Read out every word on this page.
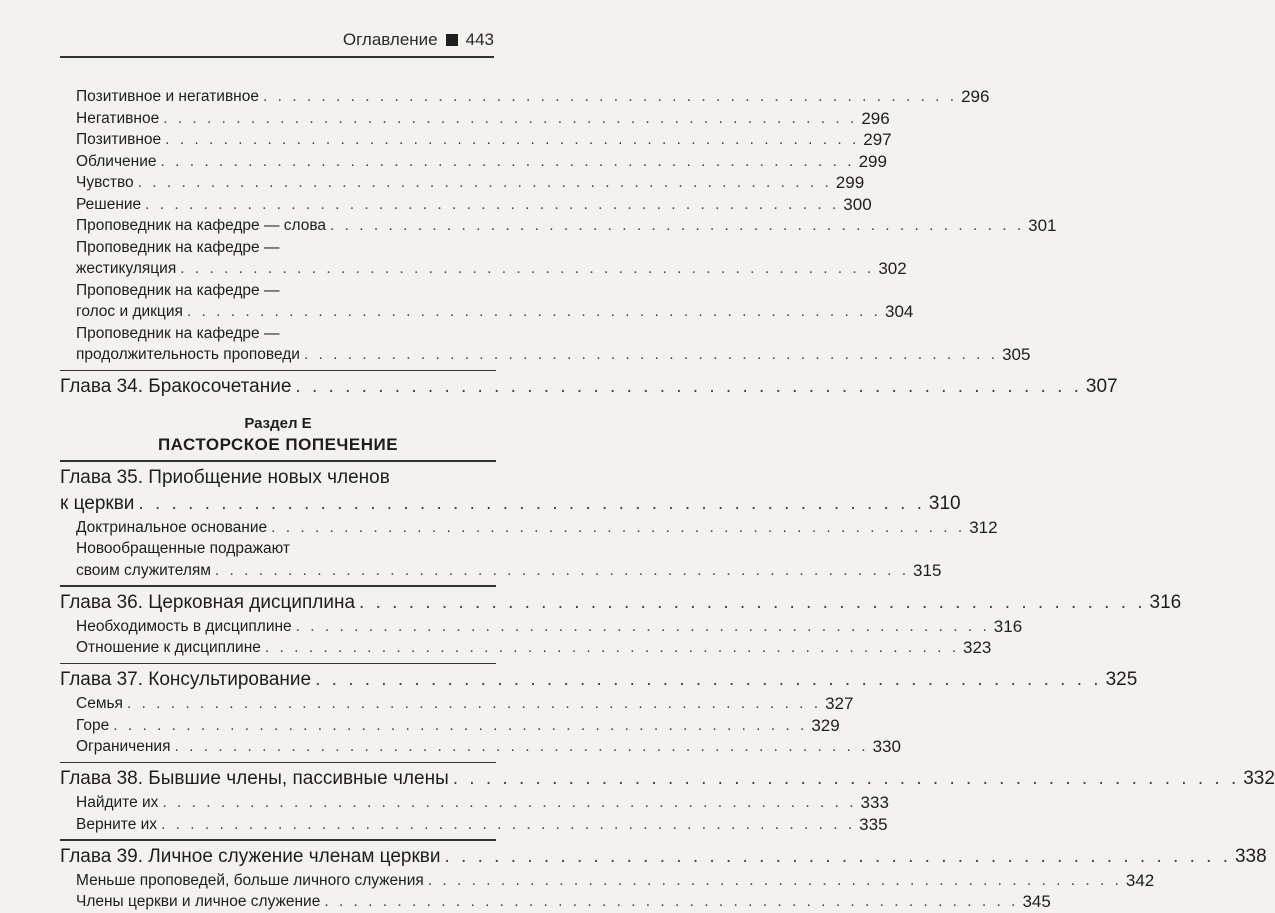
Оглавление 443
Позитивное и негативное . . . . . . . . . . . . . . . . . . . . . . . . . . . . . . . . . . . . . . . . . . . . . . . . 296
Негативное . . . . . . . . . . . . . . . . . . . . . . . . . . . . . . . . . . . . . . . . . . . . . . . . 296
Позитивное . . . . . . . . . . . . . . . . . . . . . . . . . . . . . . . . . . . . . . . . . . . . . . . . 297
Обличение . . . . . . . . . . . . . . . . . . . . . . . . . . . . . . . . . . . . . . . . . . . . . . . . 299
Чувство . . . . . . . . . . . . . . . . . . . . . . . . . . . . . . . . . . . . . . . . . . . . . . . . 299
Решение . . . . . . . . . . . . . . . . . . . . . . . . . . . . . . . . . . . . . . . . . . . . . . . . 300
Проповедник на кафедре — слова . . . . . . . . . . . . . . . . . . . . . . . . . . . . . . . . . . . . . . . . . . . . . . . . 301
Проповедник на кафедре —
жестикуляция . . . . . . . . . . . . . . . . . . . . . . . . . . . . . . . . . . . . . . . . . . . . . . . . 302
Проповедник на кафедре —
голос и дикция . . . . . . . . . . . . . . . . . . . . . . . . . . . . . . . . . . . . . . . . . . . . . . . . 304
Проповедник на кафедре —
продолжительность проповеди . . . . . . . . . . . . . . . . . . . . . . . . . . . . . . . . . . . . . . . . . . . . . . . . 305
Глава 34. Бракосочетание . . . . . . . . . . . . . . . . . . . . . . . . . . . . . . . . . . . . . . . . . . . . . . . . 307
Раздел Е
ПАСТОРСКОЕ ПОПЕЧЕНИЕ
Глава 35. Приобщение новых членов
к церкви . . . . . . . . . . . . . . . . . . . . . . . . . . . . . . . . . . . . . . . . . . . . . . . . 310
Доктринальное основание . . . . . . . . . . . . . . . . . . . . . . . . . . . . . . . . . . . . . . . . . . . . . . . . 312
Новообращенные подражают
своим служителям . . . . . . . . . . . . . . . . . . . . . . . . . . . . . . . . . . . . . . . . . . . . . . . . 315
Глава 36. Церковная дисциплина . . . . . . . . . . . . . . . . . . . . . . . . . . . . . . . . . . . . . . . . . . . . . . . . 316
Необходимость в дисциплине . . . . . . . . . . . . . . . . . . . . . . . . . . . . . . . . . . . . . . . . . . . . . . . . 316
Отношение к дисциплине . . . . . . . . . . . . . . . . . . . . . . . . . . . . . . . . . . . . . . . . . . . . . . . . 323
Глава 37. Консультирование . . . . . . . . . . . . . . . . . . . . . . . . . . . . . . . . . . . . . . . . . . . . . . . . 325
Семья . . . . . . . . . . . . . . . . . . . . . . . . . . . . . . . . . . . . . . . . . . . . . . . . 327
Горе . . . . . . . . . . . . . . . . . . . . . . . . . . . . . . . . . . . . . . . . . . . . . . . . 329
Ограничения . . . . . . . . . . . . . . . . . . . . . . . . . . . . . . . . . . . . . . . . . . . . . . . . 330
Глава 38. Бывшие члены, пассивные члены . . . . . . . . . . . . . . . . . . . . . . . . . . . . . . . . . . . . . . . . . . . . . . . . 332
Найдите их . . . . . . . . . . . . . . . . . . . . . . . . . . . . . . . . . . . . . . . . . . . . . . . . 333
Верните их . . . . . . . . . . . . . . . . . . . . . . . . . . . . . . . . . . . . . . . . . . . . . . . . 335
Глава 39. Личное служение членам церкви . . . . . . . . . . . . . . . . . . . . . . . . . . . . . . . . . . . . . . . . . . . . . . . . 338
Меньше проповедей, больше личного служения . . . . . . . . . . . . . . . . . . . . . . . . . . . . . . . . . . . . . . . . . . . . . . . . 342
Члены церкви и личное служение . . . . . . . . . . . . . . . . . . . . . . . . . . . . . . . . . . . . . . . . . . . . . . . . 345
